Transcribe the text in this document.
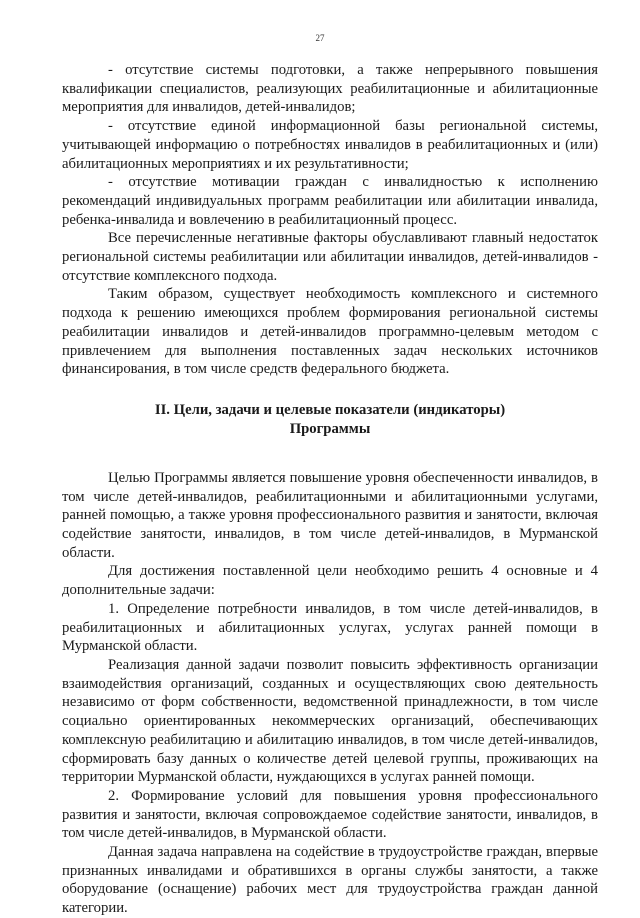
27

- отсутствие системы подготовки, а также непрерывного повышения квалификации специалистов, реализующих реабилитационные и абилитационные мероприятия для инвалидов, детей-инвалидов;

- отсутствие единой информационной базы региональной системы, учитывающей информацию о потребностях инвалидов в реабилитационных и (или) абилитационных мероприятиях и их результативности;

- отсутствие мотивации граждан с инвалидностью к исполнению рекомендаций индивидуальных программ реабилитации или абилитации инвалида, ребенка-инвалида и вовлечению в реабилитационный процесс.

Все перечисленные негативные факторы обуславливают главный недостаток региональной системы реабилитации или абилитации инвалидов, детей-инвалидов - отсутствие комплексного подхода.

Таким образом, существует необходимость комплексного и системного подхода к решению имеющихся проблем формирования региональной системы реабилитации инвалидов и детей-инвалидов программно-целевым методом с привлечением для выполнения поставленных задач нескольких источников финансирования, в том числе средств федерального бюджета.

II. Цели, задачи и целевые показатели (индикаторы)
Программы

Целью Программы является повышение уровня обеспеченности инвалидов, в том числе детей-инвалидов, реабилитационными и абилитационными услугами, ранней помощью, а также уровня профессионального развития и занятости, включая содействие занятости, инвалидов, в том числе детей-инвалидов, в Мурманской области.

Для достижения поставленной цели необходимо решить 4 основные и 4 дополнительные задачи:

1. Определение потребности инвалидов, в том числе детей-инвалидов, в реабилитационных и абилитационных услугах, услугах ранней помощи в Мурманской области.

Реализация данной задачи позволит повысить эффективность организации взаимодействия организаций, созданных и осуществляющих свою деятельность независимо от форм собственности, ведомственной принадлежности, в том числе социально ориентированных некоммерческих организаций, обеспечивающих комплексную реабилитацию и абилитацию инвалидов, в том числе детей-инвалидов, сформировать базу данных о количестве детей целевой группы, проживающих на территории Мурманской области, нуждающихся в услугах ранней помощи.

2. Формирование условий для повышения уровня профессионального развития и занятости, включая сопровождаемое содействие занятости, инвалидов, в том числе детей-инвалидов, в Мурманской области.

Данная задача направлена на содействие в трудоустройстве граждан, впервые признанных инвалидами и обратившихся в органы службы занятости, а также оборудование (оснащение) рабочих мест для трудоустройства граждан данной категории.
